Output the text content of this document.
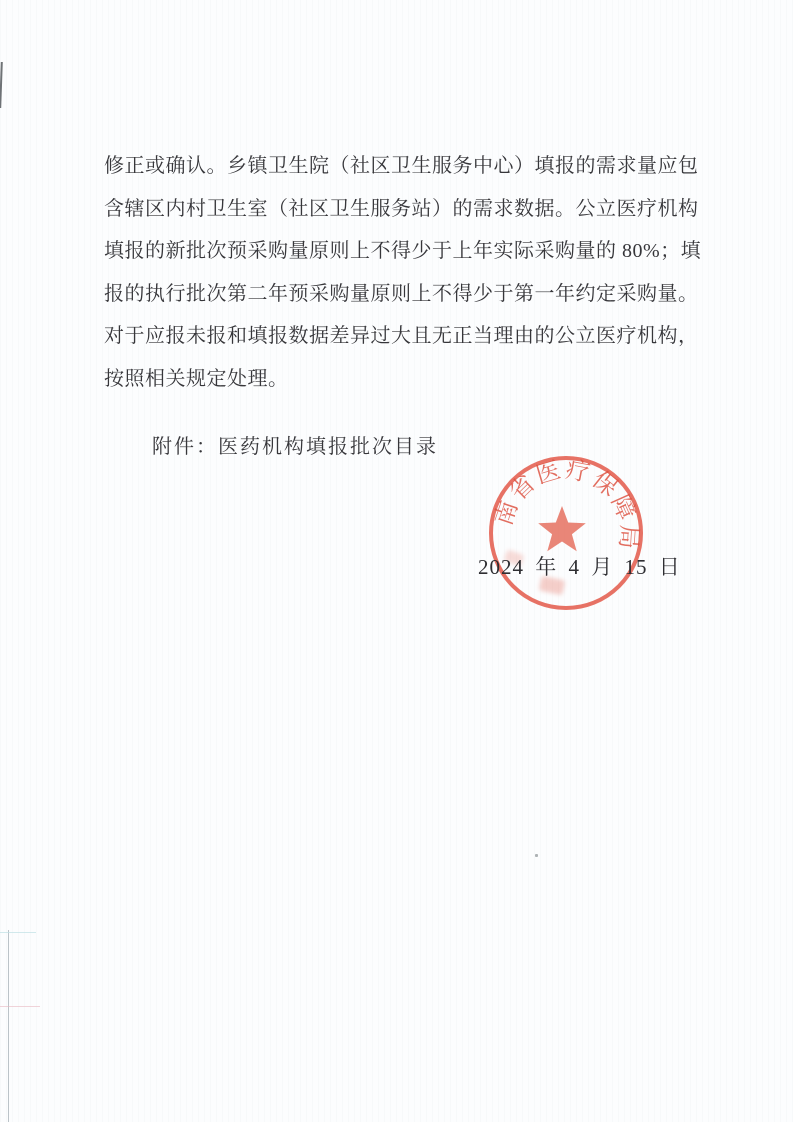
修正或确认。乡镇卫生院（社区卫生服务中心）填报的需求量应包
含辖区内村卫生室（社区卫生服务站）的需求数据。公立医疗机构
填报的新批次预采购量原则上不得少于上年实际采购量的 80%；填
报的执行批次第二年预采购量原则上不得少于第一年约定采购量。
对于应报未报和填报数据差异过大且无正当理由的公立医疗机构，
按照相关规定处理。
附件：医药机构填报批次目录
南省医疗保障局
2024 年 4 月 15 日
